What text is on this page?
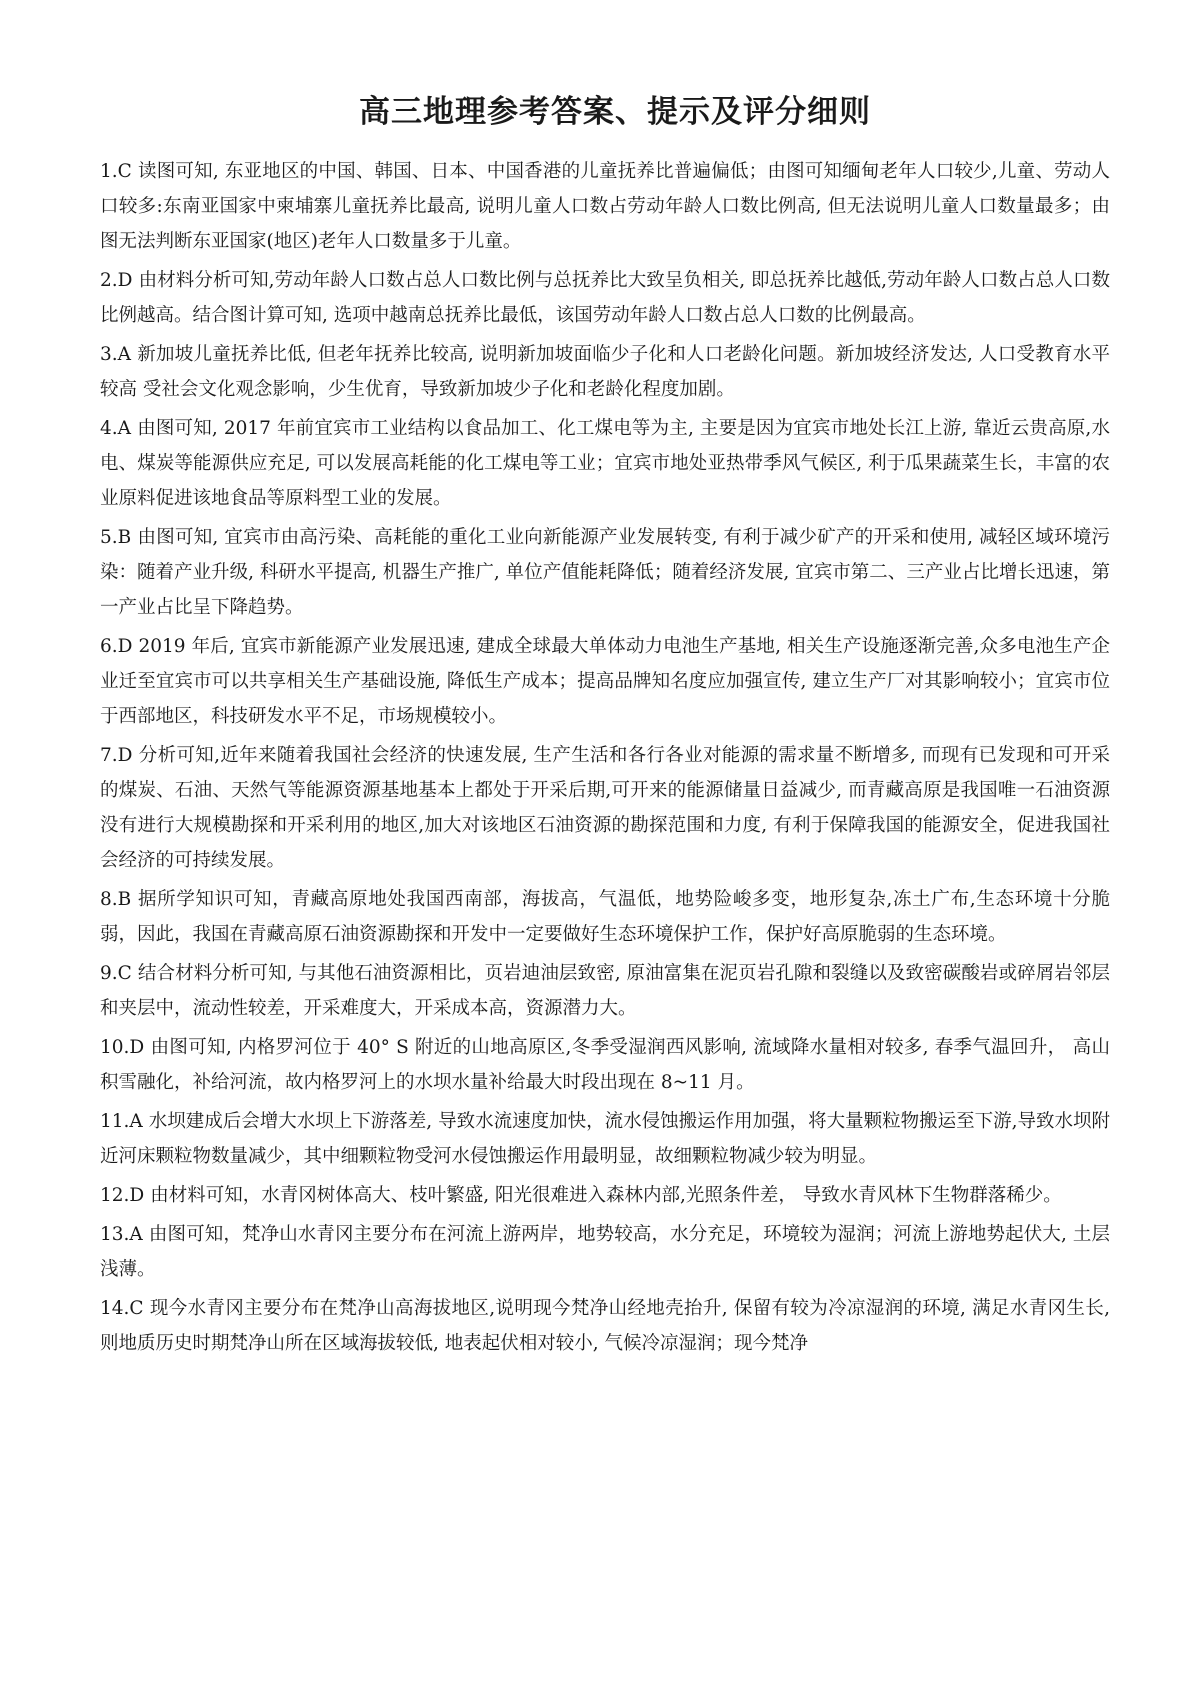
高三地理参考答案、提示及评分细则

1.C 读图可知, 东亚地区的中国、韩国、日本、中国香港的儿童抚养比普遍偏低；由图可知缅甸老年人口较少,儿童、劳动人口较多:东南亚国家中柬埔寨儿童抚养比最高, 说明儿童人口数占劳动年龄人口数比例高, 但无法说明儿童人口数量最多；由图无法判断东亚国家(地区)老年人口数量多于儿童。

2.D 由材料分析可知,劳动年龄人口数占总人口数比例与总抚养比大致呈负相关, 即总抚养比越低,劳动年龄人口数占总人口数比例越高。结合图计算可知, 选项中越南总抚养比最低，该国劳动年龄人口数占总人口数的比例最高。

3.A 新加坡儿童抚养比低, 但老年抚养比较高, 说明新加坡面临少子化和人口老龄化问题。新加坡经济发达, 人口受教育水平较高 受社会文化观念影响，少生优育，导致新加坡少子化和老龄化程度加剧。

4.A 由图可知, 2017 年前宜宾市工业结构以食品加工、化工煤电等为主, 主要是因为宜宾市地处长江上游, 靠近云贵高原,水电、煤炭等能源供应充足, 可以发展高耗能的化工煤电等工业；宜宾市地处亚热带季风气候区, 利于瓜果蔬菜生长，丰富的农业原料促进该地食品等原料型工业的发展。

5.B 由图可知, 宜宾市由高污染、高耗能的重化工业向新能源产业发展转变, 有利于减少矿产的开采和使用, 减轻区域环境污染：随着产业升级, 科研水平提高, 机器生产推广, 单位产值能耗降低；随着经济发展, 宜宾市第二、三产业占比增长迅速，第一产业占比呈下降趋势。

6.D 2019 年后, 宜宾市新能源产业发展迅速, 建成全球最大单体动力电池生产基地, 相关生产设施逐渐完善,众多电池生产企业迁至宜宾市可以共享相关生产基础设施, 降低生产成本；提高品牌知名度应加强宣传, 建立生产厂对其影响较小；宜宾市位于西部地区，科技研发水平不足，市场规模较小。

7.D 分析可知,近年来随着我国社会经济的快速发展, 生产生活和各行各业对能源的需求量不断增多, 而现有已发现和可开采的煤炭、石油、天然气等能源资源基地基本上都处于开采后期,可开来的能源储量日益减少, 而青藏高原是我国唯一石油资源没有进行大规模勘探和开采利用的地区,加大对该地区石油资源的勘探范围和力度, 有利于保障我国的能源安全，促进我国社会经济的可持续发展。

8.B 据所学知识可知，青藏高原地处我国西南部，海拔高，气温低，地势险峻多变，地形复杂,冻土广布,生态环境十分脆弱，因此，我国在青藏高原石油资源勘探和开发中一定要做好生态环境保护工作，保护好高原脆弱的生态环境。

9.C 结合材料分析可知, 与其他石油资源相比，页岩迪油层致密, 原油富集在泥页岩孔隙和裂缝以及致密碳酸岩或碎屑岩邻层和夹层中，流动性较差，开采难度大，开采成本高，资源潜力大。

10.D 由图可知, 内格罗河位于 40° S 附近的山地高原区,冬季受湿润西风影响, 流域降水量相对较多, 春季气温回升， 高山积雪融化，补给河流，故内格罗河上的水坝水量补给最大时段出现在 8~11 月。

11.A 水坝建成后会增大水坝上下游落差, 导致水流速度加快，流水侵蚀搬运作用加强，将大量颗粒物搬运至下游,导致水坝附近河床颗粒物数量减少，其中细颗粒物受河水侵蚀搬运作用最明显，故细颗粒物减少较为明显。

12.D 由材料可知，水青冈树体高大、枝叶繁盛, 阳光很难进入森林内部,光照条件差， 导致水青风林下生物群落稀少。

13.A 由图可知，梵净山水青冈主要分布在河流上游两岸，地势较高，水分充足，环境较为湿润；河流上游地势起伏大, 土层浅薄。

14.C 现今水青冈主要分布在梵净山高海拔地区,说明现今梵净山经地壳抬升, 保留有较为冷凉湿润的环境, 满足水青冈生长, 则地质历史时期梵净山所在区域海拔较低, 地表起伏相对较小, 气候冷凉湿润；现今梵净
